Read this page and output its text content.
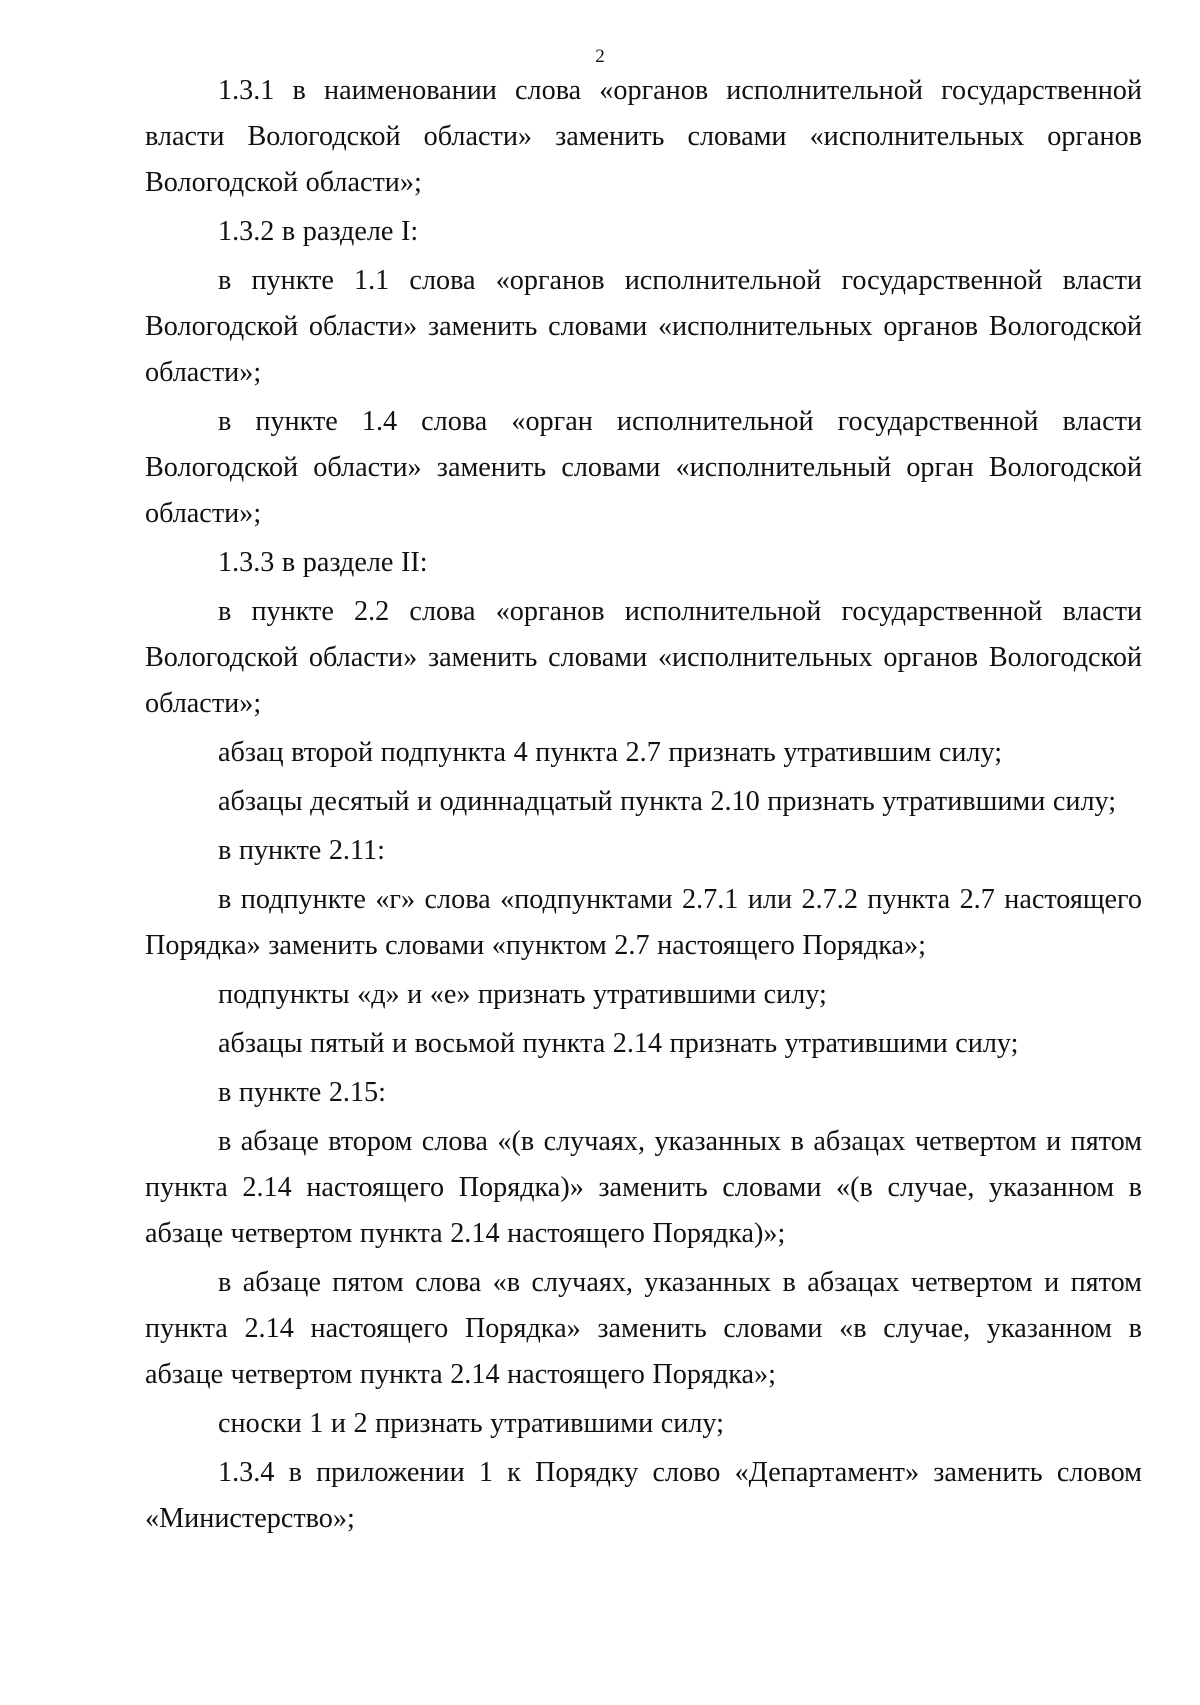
2

1.3.1 в наименовании слова «органов исполнительной государственной власти Вологодской области» заменить словами «исполнительных органов Вологодской области»;

1.3.2 в разделе I:

в пункте 1.1 слова «органов исполнительной государственной власти Вологодской области» заменить словами «исполнительных органов Вологодской области»;

в пункте 1.4 слова «орган исполнительной государственной власти Вологодской области» заменить словами «исполнительный орган Вологодской области»;

1.3.3 в разделе II:

в пункте 2.2 слова «органов исполнительной государственной власти Вологодской области» заменить словами «исполнительных органов Вологодской области»;

абзац второй подпункта 4 пункта 2.7 признать утратившим силу;

абзацы десятый и одиннадцатый пункта 2.10 признать утратившими силу;

в пункте 2.11:

в подпункте «г» слова «подпунктами 2.7.1 или 2.7.2 пункта 2.7 настоящего Порядка» заменить словами «пунктом 2.7 настоящего Порядка»;

подпункты «д» и «е» признать утратившими силу;

абзацы пятый и восьмой пункта 2.14 признать утратившими силу;

в пункте 2.15:

в абзаце втором слова «(в случаях, указанных в абзацах четвертом и пятом пункта 2.14 настоящего Порядка)» заменить словами «(в случае, указанном в абзаце четвертом пункта 2.14 настоящего Порядка)»;

в абзаце пятом слова «в случаях, указанных в абзацах четвертом и пятом пункта 2.14 настоящего Порядка» заменить словами «в случае, указанном в абзаце четвертом пункта 2.14 настоящего Порядка»;

сноски 1 и 2 признать утратившими силу;

1.3.4 в приложении 1 к Порядку слово «Департамент» заменить словом «Министерство»;
